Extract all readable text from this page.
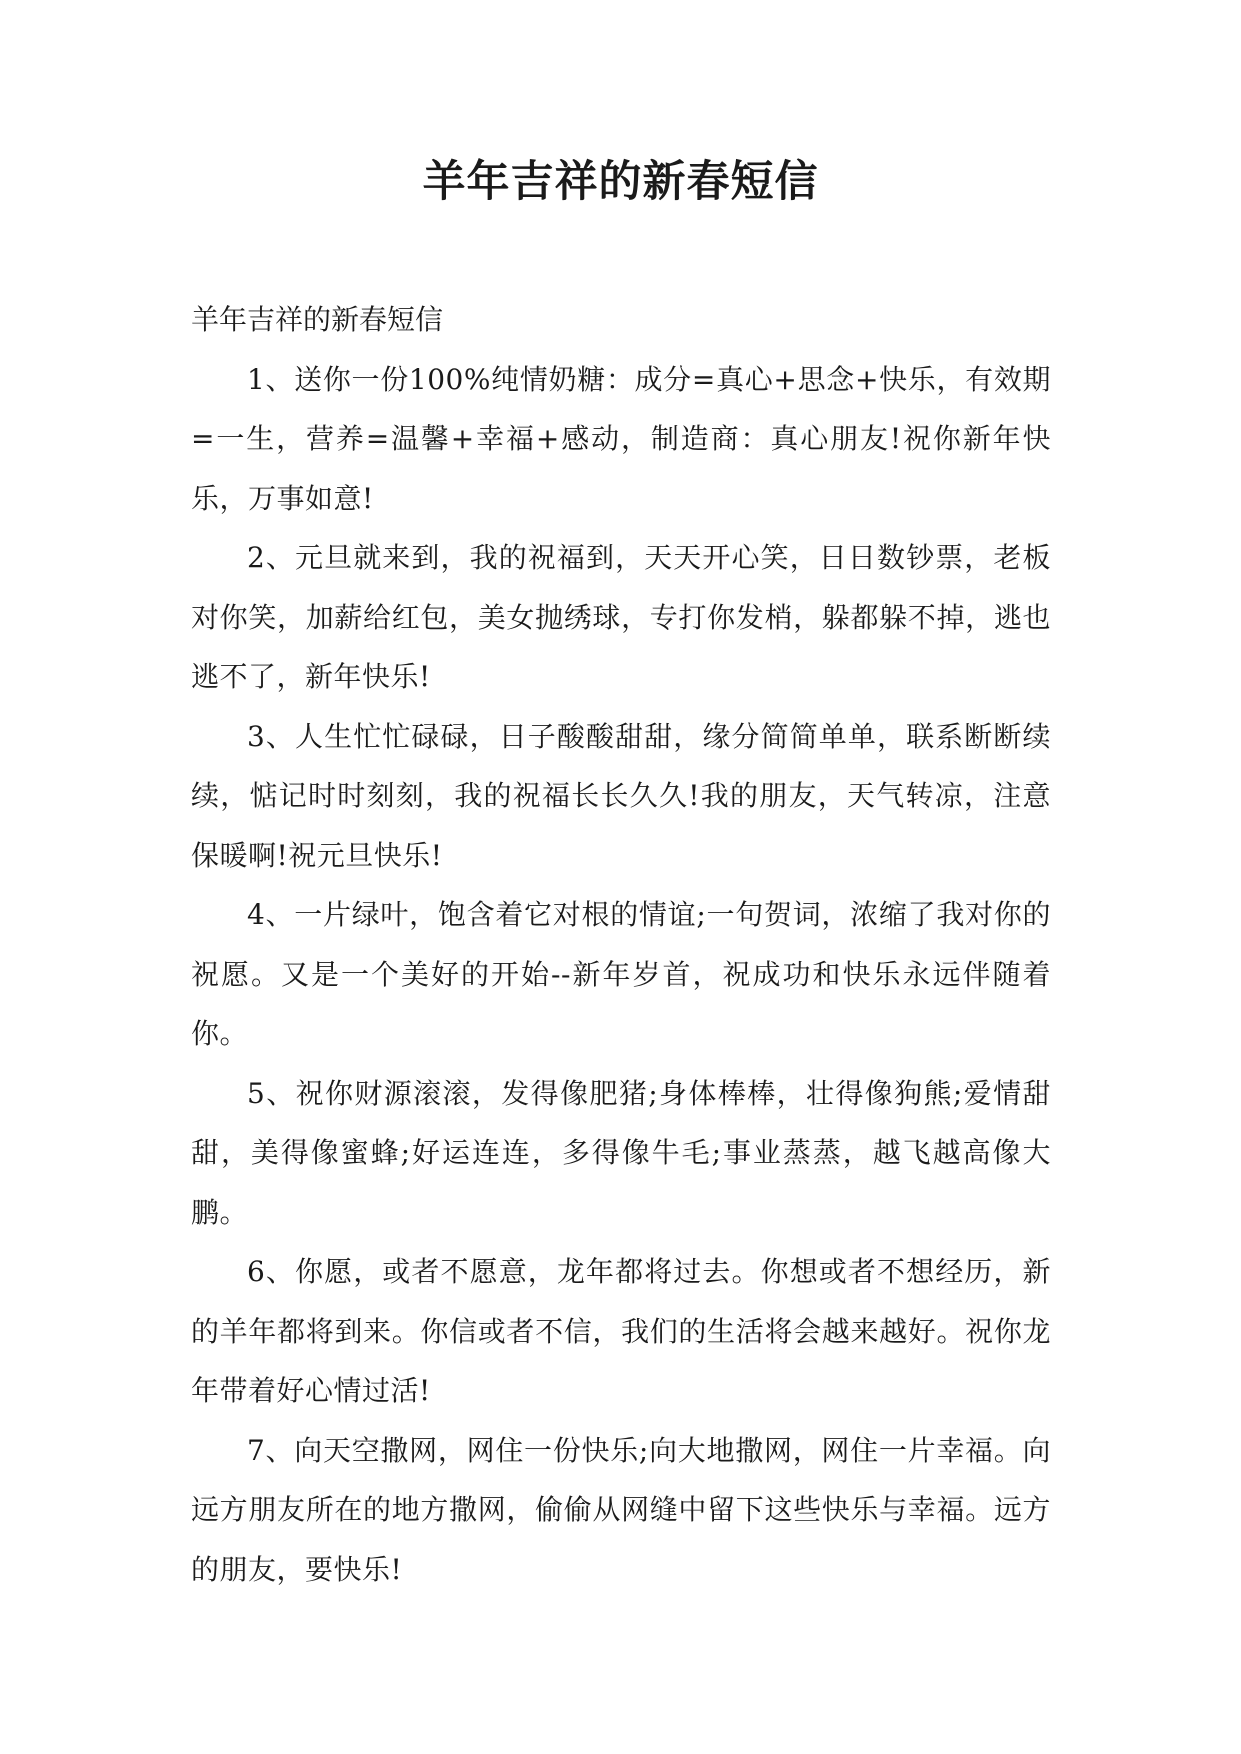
羊年吉祥的新春短信

羊年吉祥的新春短信

1、送你一份100%纯情奶糖：成分=真心+思念+快乐，有效期=一生，营养=温馨+幸福+感动，制造商：真心朋友!祝你新年快乐，万事如意!

2、元旦就来到，我的祝福到，天天开心笑，日日数钞票，老板对你笑，加薪给红包，美女抛绣球，专打你发梢，躲都躲不掉，逃也逃不了，新年快乐!

3、人生忙忙碌碌，日子酸酸甜甜，缘分简简单单，联系断断续续，惦记时时刻刻，我的祝福长长久久!我的朋友，天气转凉，注意保暖啊!祝元旦快乐!

4、一片绿叶，饱含着它对根的情谊;一句贺词，浓缩了我对你的祝愿。又是一个美好的开始--新年岁首，祝成功和快乐永远伴随着你。

5、祝你财源滚滚，发得像肥猪;身体棒棒，壮得像狗熊;爱情甜甜，美得像蜜蜂;好运连连，多得像牛毛;事业蒸蒸，越飞越高像大鹏。

6、你愿，或者不愿意，龙年都将过去。你想或者不想经历，新的羊年都将到来。你信或者不信，我们的生活将会越来越好。祝你龙年带着好心情过活!

7、向天空撒网，网住一份快乐;向大地撒网，网住一片幸福。向远方朋友所在的地方撒网，偷偷从网缝中留下这些快乐与幸福。远方的朋友，要快乐!
